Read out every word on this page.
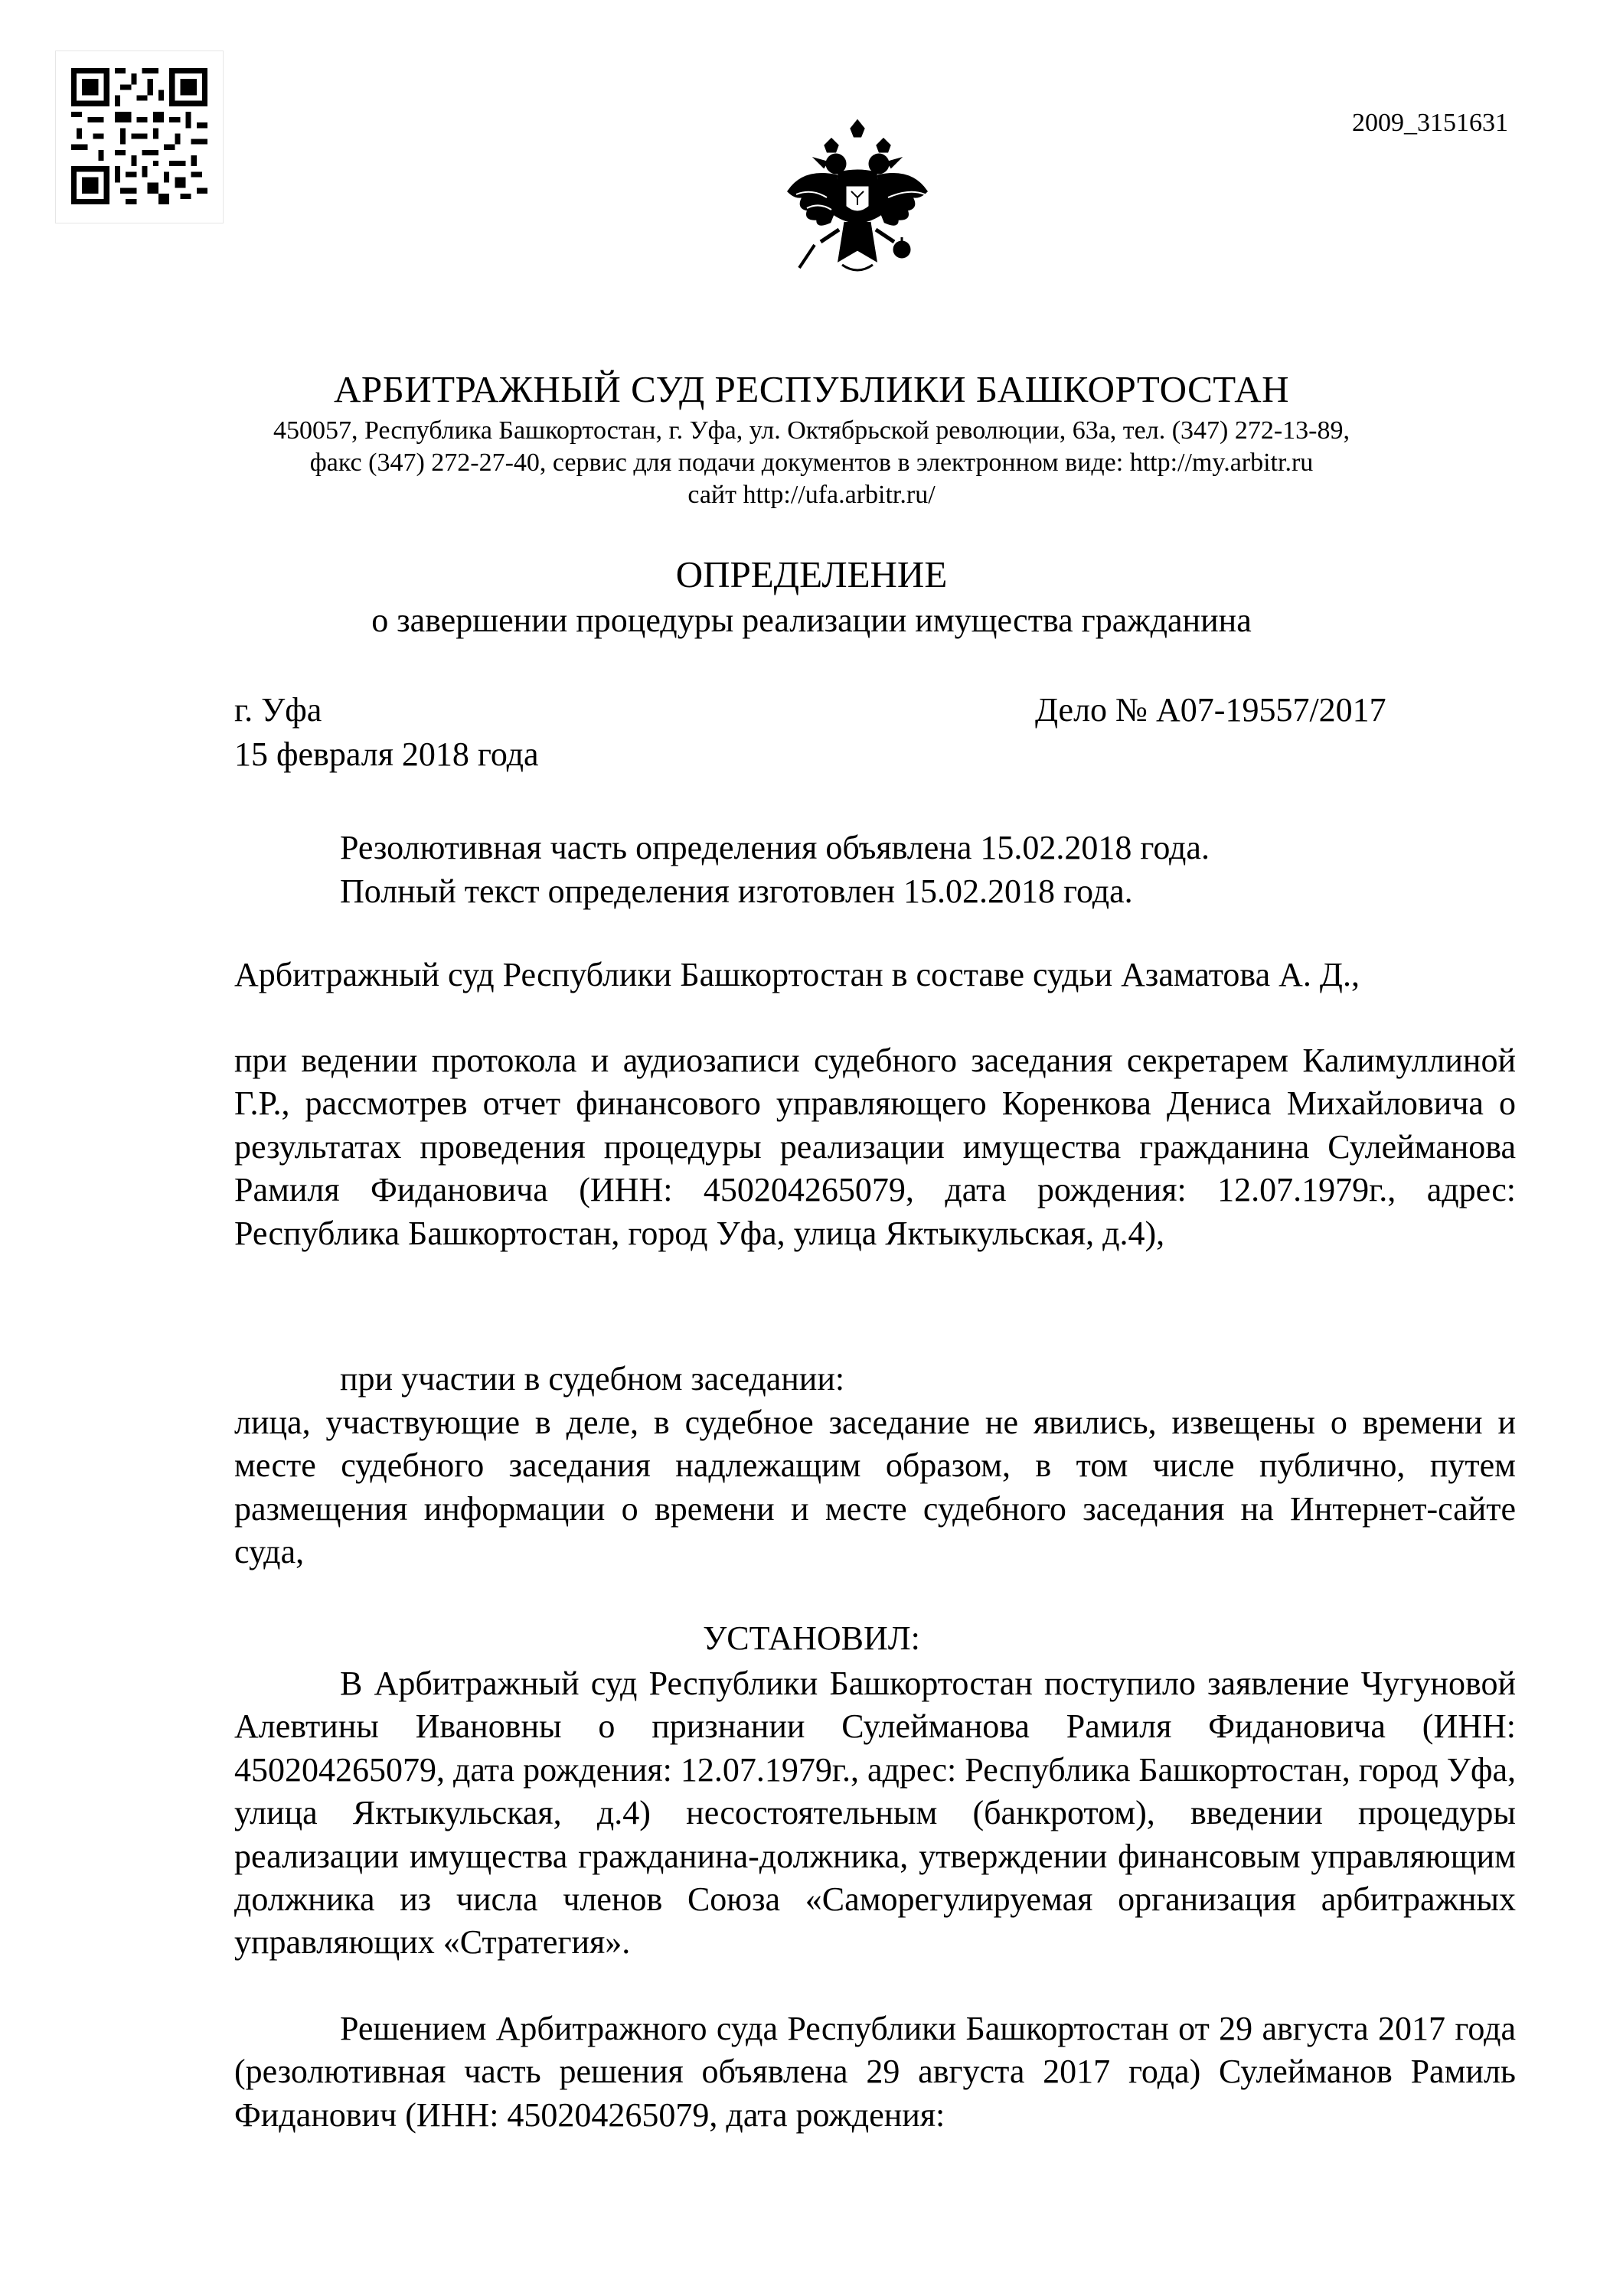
2009_3151631
АРБИТРАЖНЫЙ СУД РЕСПУБЛИКИ БАШКОРТОСТАН
450057, Республика Башкортостан, г. Уфа, ул. Октябрьской революции, 63а, тел. (347) 272-13-89,
факс (347) 272-27-40, сервис для подачи документов в электронном виде: http://my.arbitr.ru
сайт http://ufa.arbitr.ru/
ОПРЕДЕЛЕНИЕ
о завершении процедуры реализации имущества гражданина
г. Уфа	Дело № А07-19557/2017
15 февраля 2018 года
Резолютивная часть определения объявлена 15.02.2018 года.
Полный текст определения изготовлен 15.02.2018 года.
Арбитражный суд Республики Башкортостан в составе судьи Азаматова А. Д.,
при ведении протокола и аудиозаписи судебного заседания секретарем Калимуллиной Г.Р., рассмотрев отчет финансового управляющего Коренкова Дениса Михайловича о результатах проведения процедуры реализации имущества гражданина Сулейманова Рамиля Фидановича (ИНН: 450204265079, дата рождения: 12.07.1979г., адрес: Республика Башкортостан, город Уфа, улица Яктыкульская, д.4),
при участии в судебном заседании:
лица, участвующие в деле, в судебное заседание не явились, извещены о времени и месте судебного заседания надлежащим образом, в том числе публично, путем размещения информации о времени и месте судебного заседания на Интернет-сайте суда,
УСТАНОВИЛ:
В Арбитражный суд Республики Башкортостан поступило заявление Чугуновой Алевтины Ивановны о признании Сулейманова Рамиля Фидановича (ИНН: 450204265079, дата рождения: 12.07.1979г., адрес: Республика Башкортостан, город Уфа, улица Яктыкульская, д.4) несостоятельным (банкротом), введении процедуры реализации имущества гражданина-должника, утверждении финансовым управляющим должника из числа членов Союза «Саморегулируемая организация арбитражных управляющих «Стратегия».
Решением Арбитражного суда Республики Башкортостан от 29 августа 2017 года (резолютивная часть решения объявлена 29 августа 2017 года) Сулейманов Рамиль Фиданович (ИНН: 450204265079, дата рождения:
